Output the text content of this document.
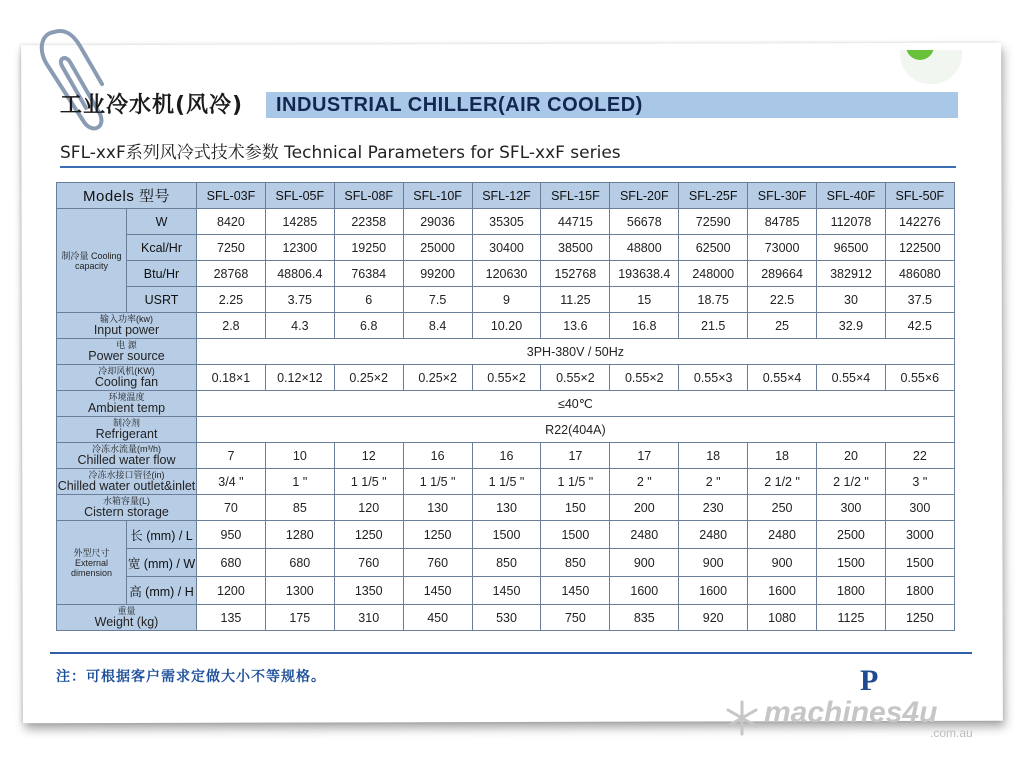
工业冷水机(风冷) INDUSTRIAL CHILLER(AIR COOLED)
SFL-xxF系列风冷式技术参数 Technical Parameters for SFL-xxF series
Models 型号		SFL-03F	SFL-05F	SFL-08F	SFL-10F	SFL-12F	SFL-15F	SFL-20F	SFL-25F	SFL-30F	SFL-40F	SFL-50F
制冷量 Cooling capacity	W	8420	14285	22358	29036	35305	44715	56678	72590	84785	112078	142276
	Kcal/Hr	7250	12300	19250	25000	30400	38500	48800	62500	73000	96500	122500
	Btu/Hr	28768	48806.4	76384	99200	120630	152768	193638.4	248000	289664	382912	486080
	USRT	2.25	3.75	6	7.5	9	11.25	15	18.75	22.5	30	37.5
输入功率(kw)
Input power		2.8	4.3	6.8	8.4	10.20	13.6	16.8	21.5	25	32.9	42.5
电 源
Power source		3PH-380V / 50Hz										
冷却风机(KW)
Cooling fan		0.18×1	0.12×12	0.25×2	0.25×2	0.55×2	0.55×2	0.55×2	0.55×3	0.55×4	0.55×4	0.55×6
环境温度
Ambient temp		≤40℃										
制冷剂
Refrigerant		R22(404A)										
冷冻水流量(m³/h)
Chilled water flow		7	10	12	16	16	17	17	18	18	20	22
冷冻水接口管径(in)
Chilled water outlet&inlet		3/4 "	1 "	1 1/5 "	1 1/5 "	1 1/5 "	1 1/5 "	2 "	2 "	2 1/2 "	2 1/2 "	3 "
水箱容量(L)
Cistern storage		70	85	120	130	130	150	200	230	250	300	300
外型尺寸 External dimension	长 (mm) / L	950	1280	1250	1250	1500	1500	2480	2480	2480	2500	3000
	宽 (mm) / W	680	680	760	760	850	850	900	900	900	1500	1500
	高 (mm) / H	1200	1300	1350	1450	1450	1450	1600	1600	1600	1800	1800
重量
Weight (kg)		135	175	310	450	530	750	835	920	1080	1125	1250
注：可根据客户需求定做大小不等规格。	P
machines4u
.com.au
